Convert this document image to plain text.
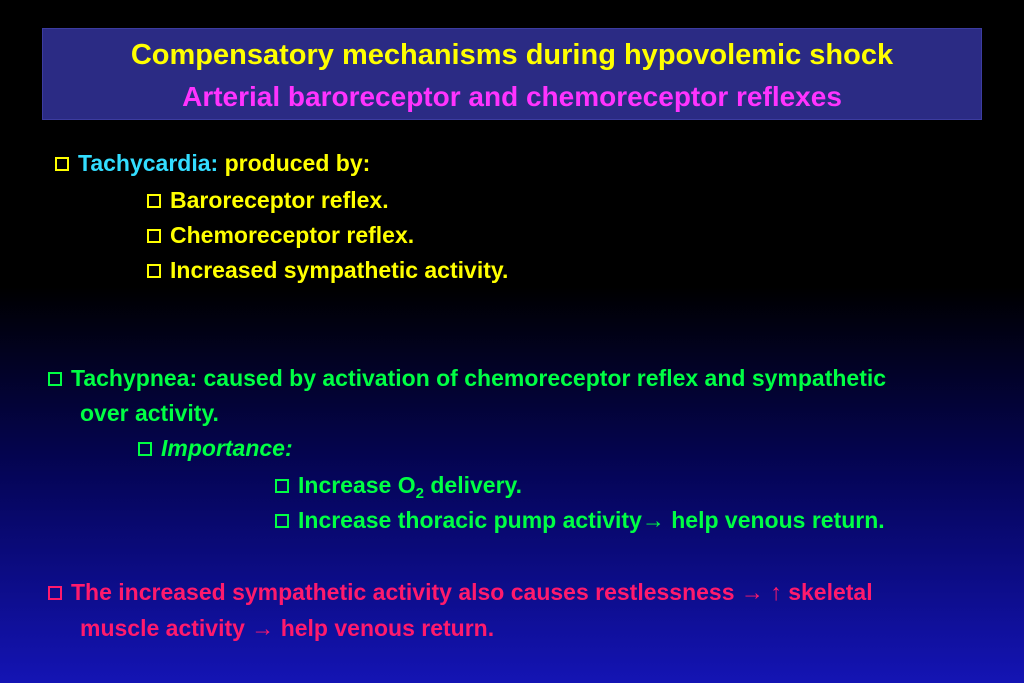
Compensatory mechanisms during hypovolemic shock
Arterial baroreceptor and chemoreceptor reflexes
Tachycardia: produced by:
Baroreceptor reflex.
Chemoreceptor reflex.
Increased sympathetic activity.
Tachypnea: caused by activation of chemoreceptor reflex and sympathetic
over activity.
Importance:
Increase $O_2$ delivery.
Increase thoracic pump activity→ help venous return.
The increased sympathetic activity also causes restlessness → ↑ skeletal
muscle activity → help venous return.
